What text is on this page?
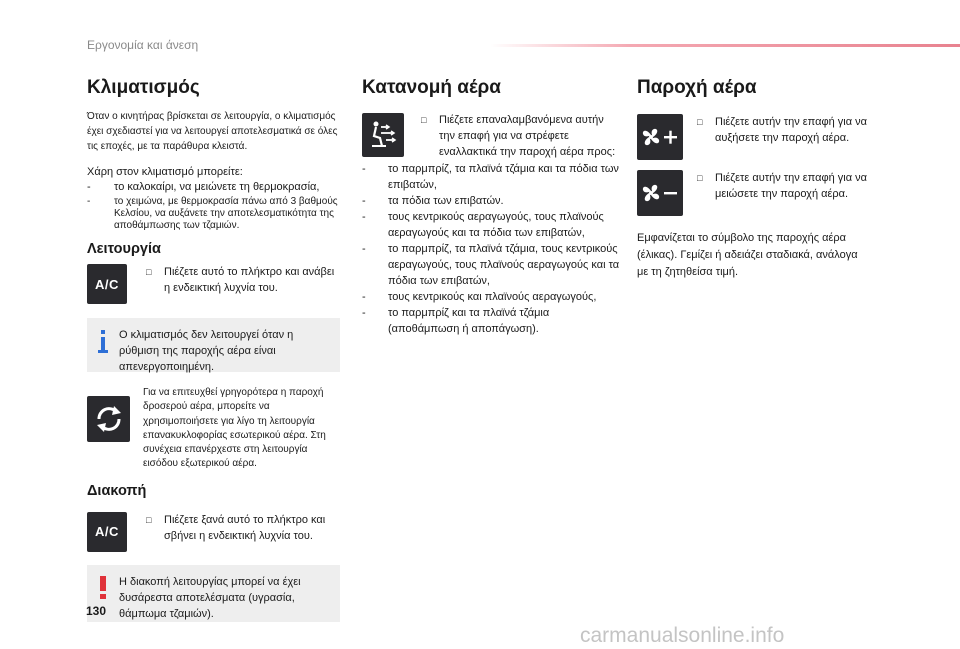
Εργονομία και άνεση
Κλιματισμός

Όταν ο κινητήρας βρίσκεται σε λειτουργία, ο κλιματισμός έχει σχεδιαστεί για να λειτουργεί αποτελεσματικά σε όλες τις εποχές, με τα παράθυρα κλειστά.

Χάρη στον κλιματισμό μπορείτε:

- το καλοκαίρι, να μειώνετε τη θερμοκρασία,
- το χειμώνα, με θερμοκρασία πάνω από 3 βαθμούς Κελσίου, να αυξάνετε την αποτελεσματικότητα της αποθάμπωσης των τζαμιών.
Λειτουργία
A/C
□ Πιέζετε αυτό το πλήκτρο και ανάβει η ενδεικτική λυχνία του.
Ο κλιματισμός δεν λειτουργεί όταν η ρύθμιση της παροχής αέρα είναι απενεργοποιημένη.

Για να επιτευχθεί γρηγορότερα η παροχή δροσερού αέρα, μπορείτε να χρησιμοποιήσετε για λίγο τη λειτουργία επανακυκλοφορίας εσωτερικού αέρα. Στη συνέχεια επανέρχεστε στη λειτουργία εισόδου εξωτερικού αέρα.

Διακοπή
A/C
□ Πιέζετε ξανά αυτό το πλήκτρο και σβήνει η ενδεικτική λυχνία του.
Η διακοπή λειτουργίας μπορεί να έχει δυσάρεστα αποτελέσματα (υγρασία, θάμπωμα τζαμιών).
Κατανομή αέρα
□ Πιέζετε επαναλαμβανόμενα αυτήν την επαφή για να στρέφετε εναλλακτικά την παροχή αέρα προς:
- το παρμπρίζ, τα πλαϊνά τζάμια και τα πόδια των επιβατών,
- τα πόδια των επιβατών.
- τους κεντρικούς αεραγωγούς, τους πλαϊνούς αεραγωγούς και τα πόδια των επιβατών,
- το παρμπρίζ, τα πλαϊνά τζάμια, τους κεντρικούς αεραγωγούς, τους πλαϊνούς αεραγωγούς και τα πόδια των επιβατών,
- τους κεντρικούς και πλαϊνούς αεραγωγούς,
- το παρμπρίζ και τα πλαϊνά τζάμια (αποθάμπωση ή αποπάγωση).
Παροχή αέρα
□ Πιέζετε αυτήν την επαφή για να αυξήσετε την παροχή αέρα.
□ Πιέζετε αυτήν την επαφή για να μειώσετε την παροχή αέρα.

Εμφανίζεται το σύμβολο της παροχής αέρα (έλικας). Γεμίζει ή αδειάζει σταδιακά, ανάλογα με τη ζητηθείσα τιμή.

130
carmanualsonline.info
